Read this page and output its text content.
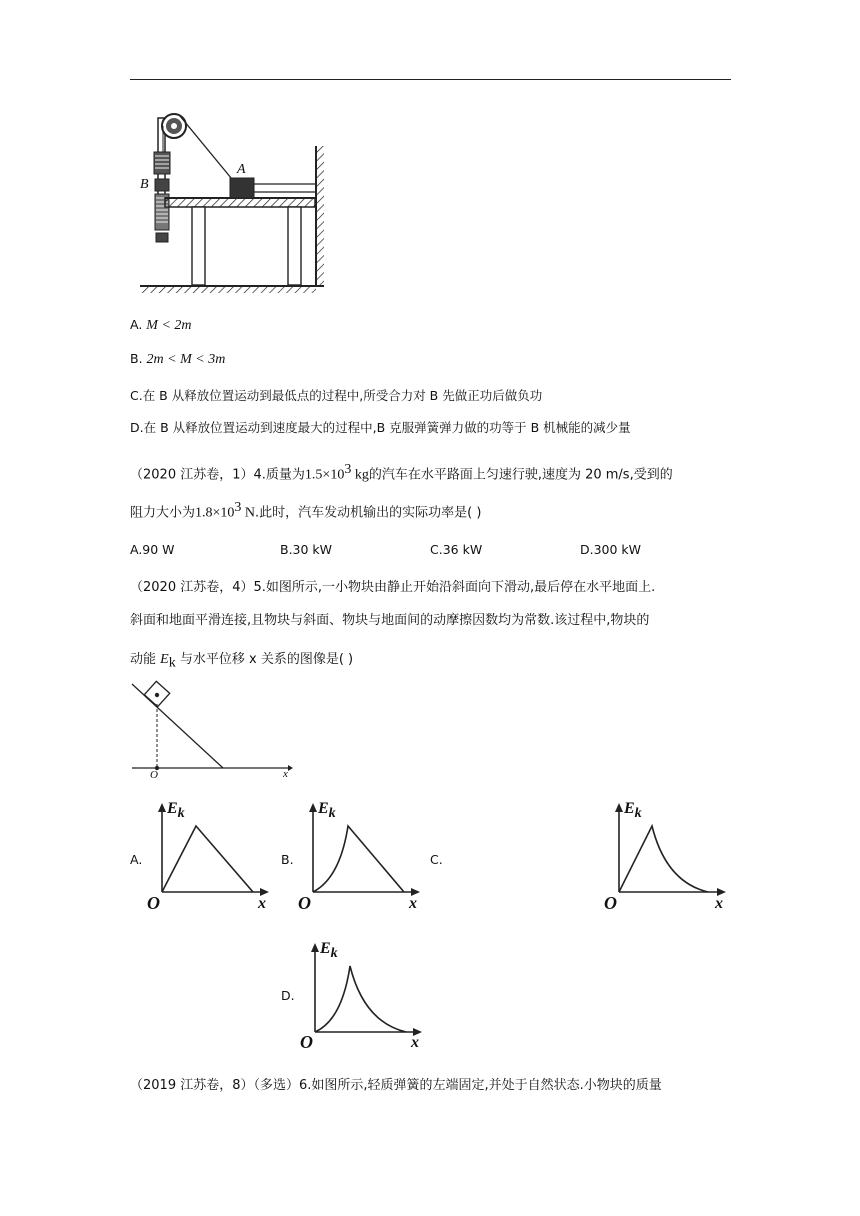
A
B
A. M < 2m
B. 2m < M < 3m
C.在 B 从释放位置运动到最低点的过程中,所受合力对 B 先做正功后做负功
D.在 B 从释放位置运动到速度最大的过程中,B 克服弹簧弹力做的功等于 B 机械能的减少量
（2020 江苏卷，1）4.质量为$1.5\times 10^3$ kg的汽车在水平路面上匀速行驶,速度为 20 m/s,受到的
阻力大小为$1.8\times 10^3$ N.此时，汽车发动机输出的实际功率是( )
A.90 W	B.30 kW	C.36 kW	D.300 kW
（2020 江苏卷，4）5.如图所示,一小物块由静止开始沿斜面向下滑动,最后停在水平地面上.
斜面和地面平滑连接,且物块与斜面、物块与地面间的动摩擦因数均为常数.该过程中,物块的
动能 $E_k$ 与水平位移 x 关系的图像是( )
O	x
A.	B.	C.
D.
$E_k$
O	x
$E_k$
O	x
$E_k$
O	x
$E_k$
O	x
（2019 江苏卷，8）（多选）6.如图所示,轻质弹簧的左端固定,并处于自然状态.小物块的质量
